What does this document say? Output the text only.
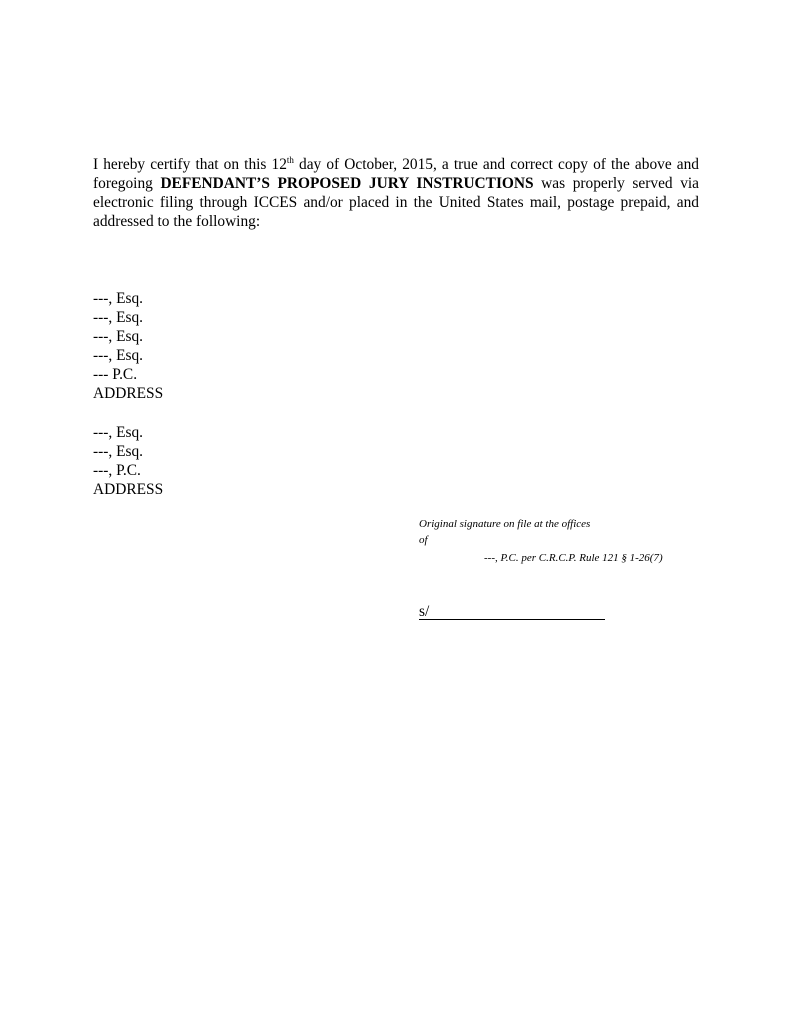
I hereby certify that on this 12th day of October, 2015, a true and correct copy of the above and foregoing DEFENDANT’S PROPOSED JURY INSTRUCTIONS was properly served via electronic filing through ICCES and/or placed in the United States mail, postage prepaid, and addressed to the following:

---, Esq.
---, Esq.
---, Esq.
---, Esq.
--- P.C.
ADDRESS
---, Esq.
---, Esq.
---, P.C.
ADDRESS
Original signature on file at the offices
of
---, P.C. per C.R.C.P. Rule 121 § 1-26(7)
s/
